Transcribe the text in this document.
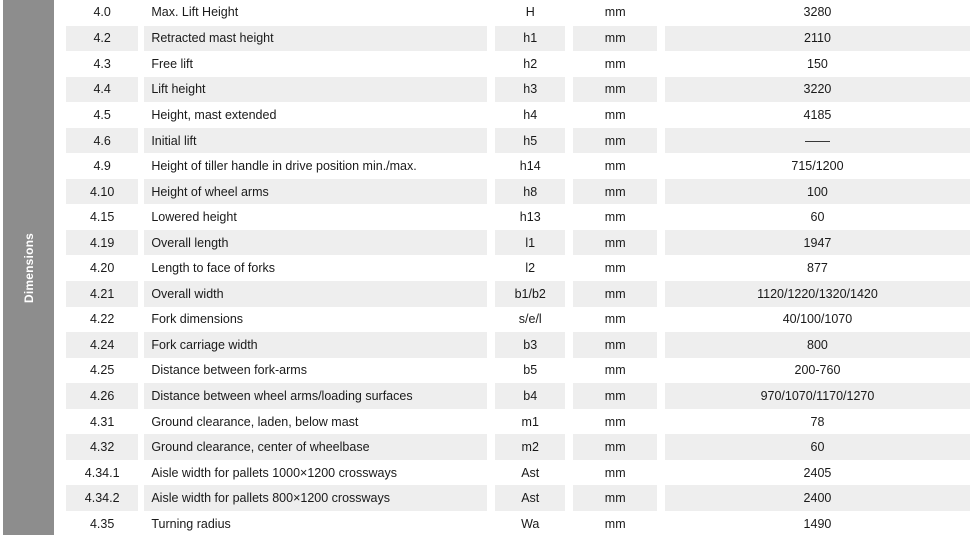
Dimensions
4.0	Max. Lift Height	H	mm	3280
4.2	Retracted mast height	h1	mm	2110
4.3	Free lift	h2	mm	150
4.4	Lift height	h3	mm	3220
4.5	Height, mast extended	h4	mm	4185
4.6	Initial lift	h5	mm	——
4.9	Height of tiller handle in drive position min./max.	h14	mm	715/1200
4.10	Height of wheel arms	h8	mm	100
4.15	Lowered height	h13	mm	60
4.19	Overall length	l1	mm	1947
4.20	Length to face of forks	l2	mm	877
4.21	Overall width	b1/b2	mm	1120/1220/1320/1420
4.22	Fork dimensions	s/e/l	mm	40/100/1070
4.24	Fork carriage width	b3	mm	800
4.25	Distance between fork-arms	b5	mm	200-760
4.26	Distance between wheel arms/loading surfaces	b4	mm	970/1070/1170/1270
4.31	Ground clearance, laden, below mast	m1	mm	78
4.32	Ground clearance, center of wheelbase	m2	mm	60
4.34.1	Aisle width for pallets 1000×1200 crossways	Ast	mm	2405
4.34.2	Aisle width for pallets 800×1200 crossways	Ast	mm	2400
4.35	Turning radius	Wa	mm	1490
